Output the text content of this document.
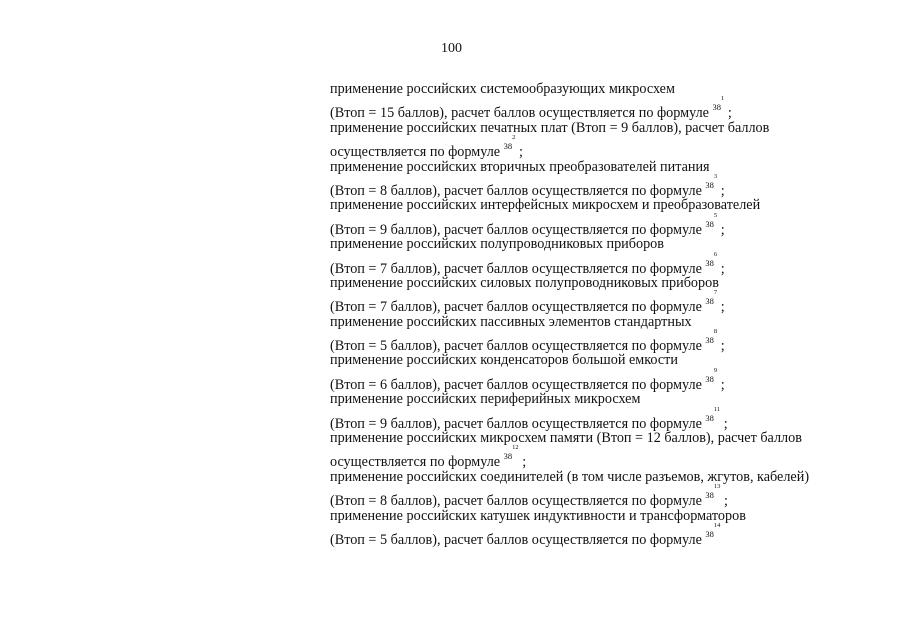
100
применение российских системообразующих микросхем
(Втоп = 15 баллов), расчет баллов осуществляется по формуле $^{38^1}$ ;
применение российских печатных плат (Втоп = 9 баллов), расчет баллов
осуществляется по формуле $^{38^2}$ ;
применение российских вторичных преобразователей питания
(Втоп = 8 баллов), расчет баллов осуществляется по формуле $^{38^3}$ ;
применение российских интерфейсных микросхем и преобразователей
(Втоп = 9 баллов), расчет баллов осуществляется по формуле $^{38^5}$ ;
применение российских полупроводниковых приборов
(Втоп = 7 баллов), расчет баллов осуществляется по формуле $^{38^6}$ ;
применение российских силовых полупроводниковых приборов
(Втоп = 7 баллов), расчет баллов осуществляется по формуле $^{38^7}$ ;
применение российских пассивных элементов стандартных
(Втоп = 5 баллов), расчет баллов осуществляется по формуле $^{38^8}$ ;
применение российских конденсаторов большой емкости
(Втоп = 6 баллов), расчет баллов осуществляется по формуле $^{38^9}$ ;
применение российских периферийных микросхем
(Втоп = 9 баллов), расчет баллов осуществляется по формуле $^{38^{11}}$ ;
применение российских микросхем памяти (Втоп = 12 баллов), расчет баллов
осуществляется по формуле $^{38^{12}}$ ;
применение российских соединителей (в том числе разъемов, жгутов, кабелей)
(Втоп = 8 баллов), расчет баллов осуществляется по формуле $^{38^{13}}$ ;
применение российских катушек индуктивности и трансформаторов
(Втоп = 5 баллов), расчет баллов осуществляется по формуле $^{38^{14}}$
